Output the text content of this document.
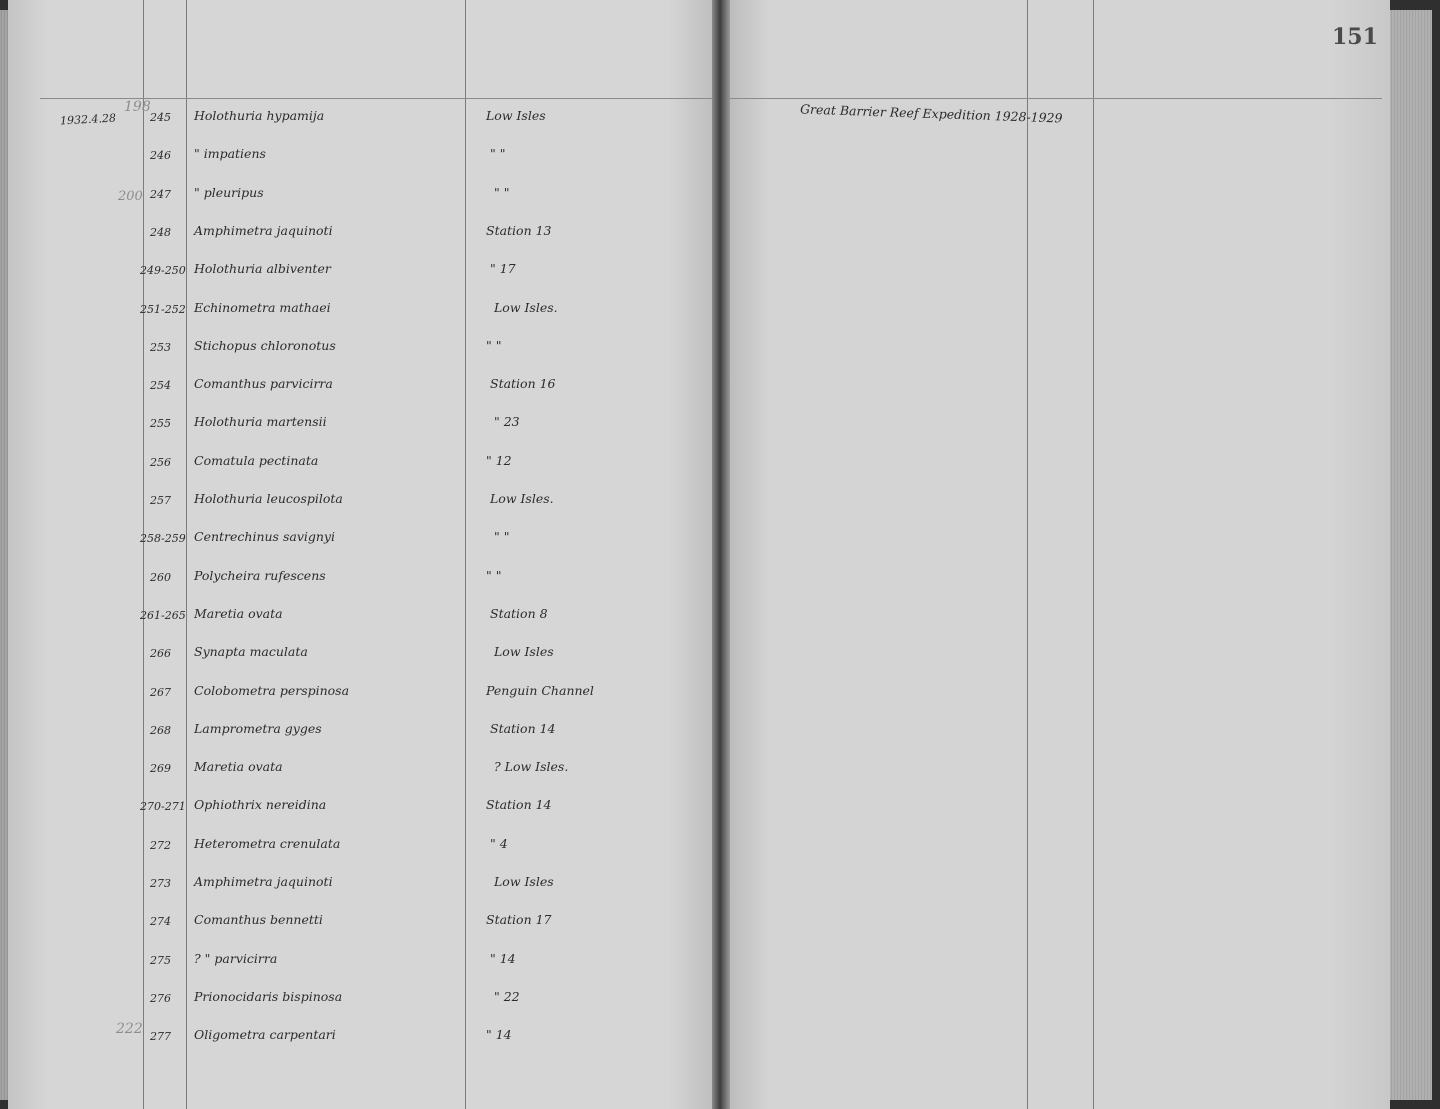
151
Great Barrier Reef Expedition 1928-1929
1932.4.28
198
200
222
245 Holothuria hypamija	Low Isles
246 " impatiens	" "
247 " pleuripus	" "
248 Amphimetra jaquinoti	Station 13
249-250 Holothuria albiventer	" 17
251-252 Echinometra mathaei	Low Isles.
253 Stichopus chloronotus	" "
254 Comanthus parvicirra	Station 16
255 Holothuria martensii	" 23
256 Comatula pectinata	" 12
257 Holothuria leucospilota	Low Isles.
258-259 Centrechinus savignyi	" "
260 Polycheira rufescens	" "
261-265 Maretia ovata	Station 8
266 Synapta maculata	Low Isles
267 Colobometra perspinosa	Penguin Channel
268 Lamprometra gyges	Station 14
269 Maretia ovata	? Low Isles.
270-271 Ophiothrix nereidina	Station 14
272 Heterometra crenulata	" 4
273 Amphimetra jaquinoti	Low Isles
274 Comanthus bennetti	Station 17
275 ? " parvicirra	" 14
276 Prionocidaris bispinosa	" 22
277 Oligometra carpentari	" 14
